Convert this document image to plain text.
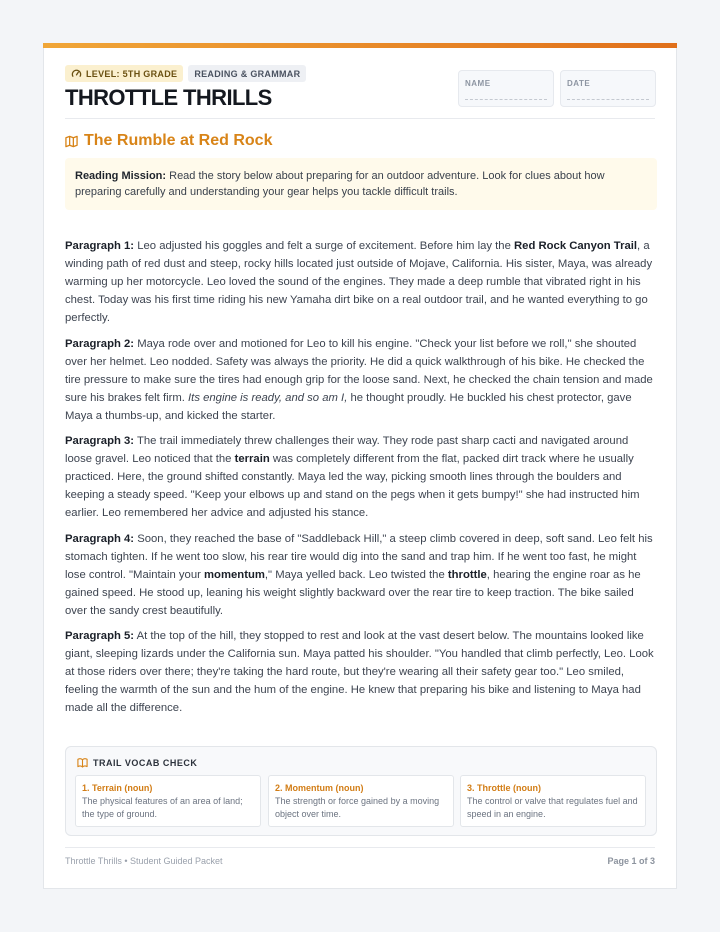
LEVEL: 5TH GRADE READING & GRAMMAR
THROTTLE THRILLS
NAME	DATE
The Rumble at Red Rock
Reading Mission: Read the story below about preparing for an outdoor adventure. Look for clues about how preparing carefully and understanding your gear helps you tackle difficult trails.

Paragraph 1: Leo adjusted his goggles and felt a surge of excitement. Before him lay the Red Rock Canyon Trail, a winding path of red dust and steep, rocky hills located just outside of Mojave, California. His sister, Maya, was already warming up her motorcycle. Leo loved the sound of the engines. They made a deep rumble that vibrated right in his chest. Today was his first time riding his new Yamaha dirt bike on a real outdoor trail, and he wanted everything to go perfectly.

Paragraph 2: Maya rode over and motioned for Leo to kill his engine. "Check your list before we roll," she shouted over her helmet. Leo nodded. Safety was always the priority. He did a quick walkthrough of his bike. He checked the tire pressure to make sure the tires had enough grip for the loose sand. Next, he checked the chain tension and made sure his brakes felt firm. Its engine is ready, and so am I, he thought proudly. He buckled his chest protector, gave Maya a thumbs-up, and kicked the starter.

Paragraph 3: The trail immediately threw challenges their way. They rode past sharp cacti and navigated around loose gravel. Leo noticed that the terrain was completely different from the flat, packed dirt track where he usually practiced. Here, the ground shifted constantly. Maya led the way, picking smooth lines through the boulders and keeping a steady speed. "Keep your elbows up and stand on the pegs when it gets bumpy!" she had instructed him earlier. Leo remembered her advice and adjusted his stance.

Paragraph 4: Soon, they reached the base of "Saddleback Hill," a steep climb covered in deep, soft sand. Leo felt his stomach tighten. If he went too slow, his rear tire would dig into the sand and trap him. If he went too fast, he might lose control. "Maintain your momentum," Maya yelled back. Leo twisted the throttle, hearing the engine roar as he gained speed. He stood up, leaning his weight slightly backward over the rear tire to keep traction. The bike sailed over the sandy crest beautifully.

Paragraph 5: At the top of the hill, they stopped to rest and look at the vast desert below. The mountains looked like giant, sleeping lizards under the California sun. Maya patted his shoulder. "You handled that climb perfectly, Leo. Look at those riders over there; they're taking the hard route, but they're wearing all their safety gear too." Leo smiled, feeling the warmth of the sun and the hum of the engine. He knew that preparing his bike and listening to Maya had made all the difference.

TRAIL VOCAB CHECK
1. Terrain (noun)
The physical features of an area of land; the type of ground.
2. Momentum (noun)
The strength or force gained by a moving object over time.
3. Throttle (noun)
The control or valve that regulates fuel and speed in an engine.
Throttle Thrills • Student Guided Packet	Page 1 of 3
